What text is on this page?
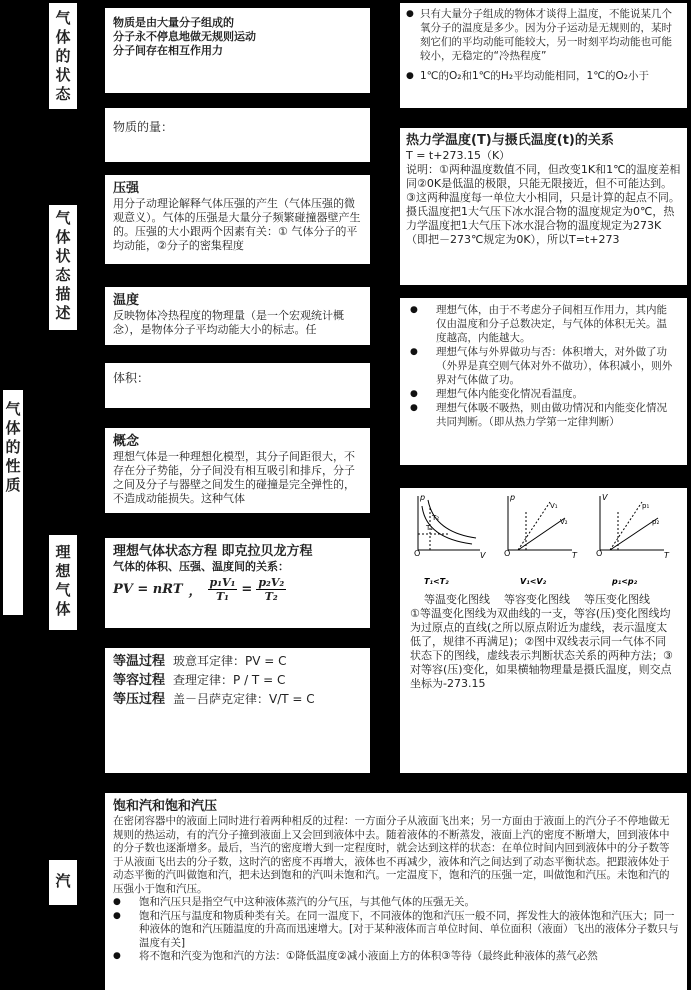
气
体
的
状
态
气
体
状
态
描
述
气
体
的
性
质
理
想
气
体
汽
物质是由大量分子组成的
分子永不停息地做无规则运动
分子间存在相互作用力
物质的量：
压强
用分子动理论解释气体压强的产生（气体压强的微观意义）。气体的压强是大量分子频繁碰撞器壁产生的。压强的大小跟两个因素有关：① 气体分子的平均动能，②分子的密集程度
温度
反映物体冷热程度的物理量（是一个宏观统计概念），是物体分子平均动能大小的标志。任
体积：
概念
理想气体是一种理想化模型，其分子间距很大，不存在分子势能，分子间没有相互吸引和排斥，分子之间及分子与器壁之间发生的碰撞是完全弹性的，不造成动能损失。这种气体
理想气体状态方程 即克拉贝龙方程
气体的体积、压强、温度间的关系：
PV = nRT ， $\frac{\text{p₁V₁}}{\text{T₁}} = \frac{\text{p₂V₂}}{\text{T₂}}$
等温过程 玻意耳定律：PV = C
等容过程 查理定律：P / T = C
等压过程 盖－吕萨克定律：V/T = C
● 只有大量分子组成的物体才谈得上温度，不能说某几个氧分子的温度是多少。因为分子运动是无规则的，某时刻它们的平均动能可能较大，另一时刻平均动能也可能较小，无稳定的“冷热程度”
● 1℃的O₂和1℃的H₂平均动能相同，1℃的O₂小于
热力学温度(T)与摄氏温度(t)的关系
T = t+273.15（K）
说明：①两种温度数值不同，但改变1K和1℃的温度差相同②0K是低温的极限，只能无限接近，但不可能达到。③这两种温度每一单位大小相同，只是计算的起点不同。摄氏温度把1大气压下冰水混合物的温度规定为0℃，热力学温度把1大气压下冰水混合物的温度规定为273K（即把－273℃规定为0K），所以T=t+273
● 理想气体，由于不考虑分子间相互作用力，其内能仅由温度和分子总数决定，与气体的体积无关。温度越高，内能越大。
● 理想气体与外界做功与否：体积增大，对外做了功（外界是真空则气体对外不做功），体积减小，则外界对气体做了功。
● 理想气体内能变化情况看温度。
● 理想气体吸不吸热，则由做功情况和内能变化情况共同判断。（即从热力学第一定律判断）
O
p
V
T₂
T₁
T₁<T₂
O
p
T
V₁
V₂
V₁<V₂
O
V
T
p₁
p₂
p₁<p₂
等温变化图线    等容变化图线    等压变化图线
①等温变化图线为双曲线的一支，等容(压)变化图线均为过原点的直线(之所以原点附近为虚线，表示温度太低了，规律不再满足)；②图中双线表示同一气体不同状态下的图线，虚线表示判断状态关系的两种方法；③对等容(压)变化，如果横轴物理量是摄氏温度，则交点坐标为-273.15
饱和汽和饱和汽压
在密闭容器中的液面上同时进行着两种相反的过程：一方面分子从液面飞出来；另一方面由于液面上的汽分子不停地做无规则的热运动，有的汽分子撞到液面上又会回到液体中去。随着液体的不断蒸发，液面上汽的密度不断增大，回到液体中的分子数也逐渐增多。最后，当汽的密度增大到一定程度时，就会达到这样的状态：在单位时间内回到液体中的分子数等于从液面飞出去的分子数，这时汽的密度不再增大，液体也不再减少，液体和汽之间达到了动态平衡状态。把跟液体处于动态平衡的汽叫做饱和汽，把未达到饱和的汽叫未饱和汽。一定温度下，饱和汽的压强一定，叫做饱和汽压。未饱和汽的压强小于饱和汽压。
● 饱和汽压只是指空气中这种液体蒸汽的分气压，与其他气体的压强无关。
● 饱和汽压与温度和物质种类有关。在同一温度下，不同液体的饱和汽压一般不同，挥发性大的液体饱和汽压大；同一种液体的饱和汽压随温度的升高而迅速增大。[对于某种液体而言单位时间、单位面积（液面）飞出的液体分子数只与温度有关]
● 将不饱和汽变为饱和汽的方法：①降低温度②减小液面上方的体积③等待（最终此种液体的蒸气必然
